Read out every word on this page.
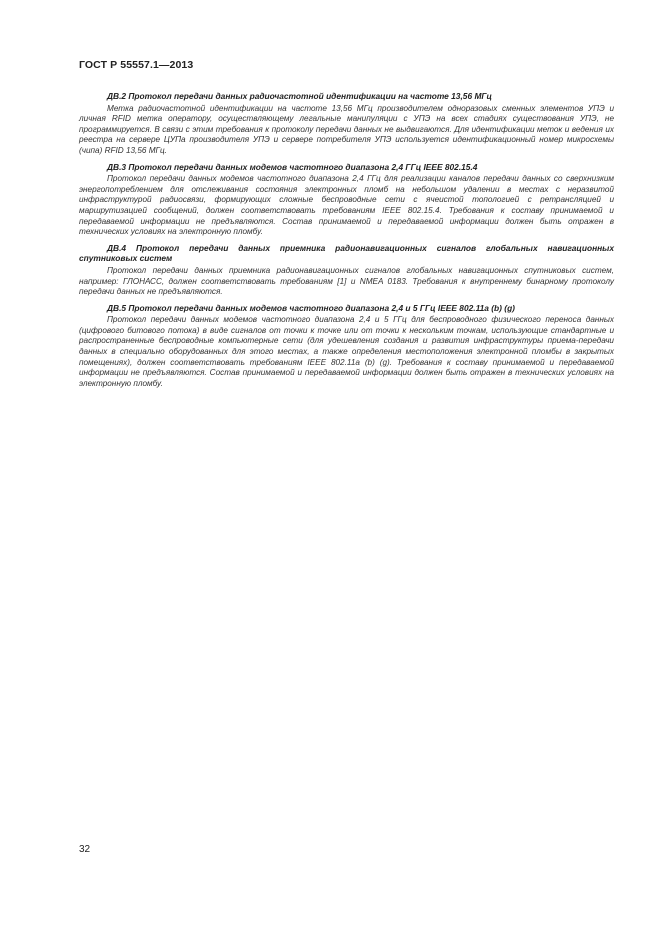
ГОСТ Р 55557.1—2013
ДВ.2 Протокол передачи данных радиочастотной идентификации на частоте 13,56 МГц
Метка радиочастотной идентификации на частоте 13,56 МГц производителем одноразовых сменных элементов УПЭ и личная RFID метка оператору, осуществляющему легальные манипуляции с УПЭ на всех стадиях существования УПЭ, не программируется. В связи с этим требования к протоколу передачи данных не выдвигаются. Для идентификации меток и ведения их реестра на сервере ЦУПа производителя УПЭ и сервере потребителя УПЭ используется идентификационный номер микросхемы (чипа) RFID 13,56 МГц.
ДВ.3 Протокол передачи данных модемов частотного диапазона 2,4 ГГц IEEE 802.15.4
Протокол передачи данных модемов частотного диапазона 2,4 ГГц для реализации каналов передачи данных со сверхнизким энергопотреблением для отслеживания состояния электронных пломб на небольшом удалении в местах с неразвитой инфраструктурой радиосвязи, формирующих сложные беспроводные сети с ячеистой топологией с ретрансляцией и маршрутизацией сообщений, должен соответствовать требованиям IEEE 802.15.4. Требования к составу принимаемой и передаваемой информации не предъявляются. Состав принимаемой и передаваемой информации должен быть отражен в технических условиях на электронную пломбу.
ДВ.4 Протокол передачи данных приемника радионавигационных сигналов глобальных навигационных спутниковых систем
Протокол передачи данных приемника радионавигационных сигналов глобальных навигационных спутниковых систем, например: ГЛОНАСС, должен соответствовать требованиям [1] и NMEA 0183. Требования к внутреннему бинарному протоколу передачи данных не предъявляются.
ДВ.5 Протокол передачи данных модемов частотного диапазона 2,4 и 5 ГГц IEEE 802.11a (b) (g)
Протокол передачи данных модемов частотного диапазона 2,4 и 5 ГГц для беспроводного физического переноса данных (цифрового битового потока) в виде сигналов от точки к точке или от точки к нескольким точкам, использующие стандартные и распространенные беспроводные компьютерные сети (для удешевления создания и развития инфраструктуры приема-передачи данных в специально оборудованных для этого местах, а также определения местоположения электронной пломбы в закрытых помещениях), должен соответствовать требованиям IEEE 802.11a (b) (g). Требования к составу принимаемой и передаваемой информации не предъявляются. Состав принимаемой и передаваемой информации должен быть отражен в технических условиях на электронную пломбу.
32
